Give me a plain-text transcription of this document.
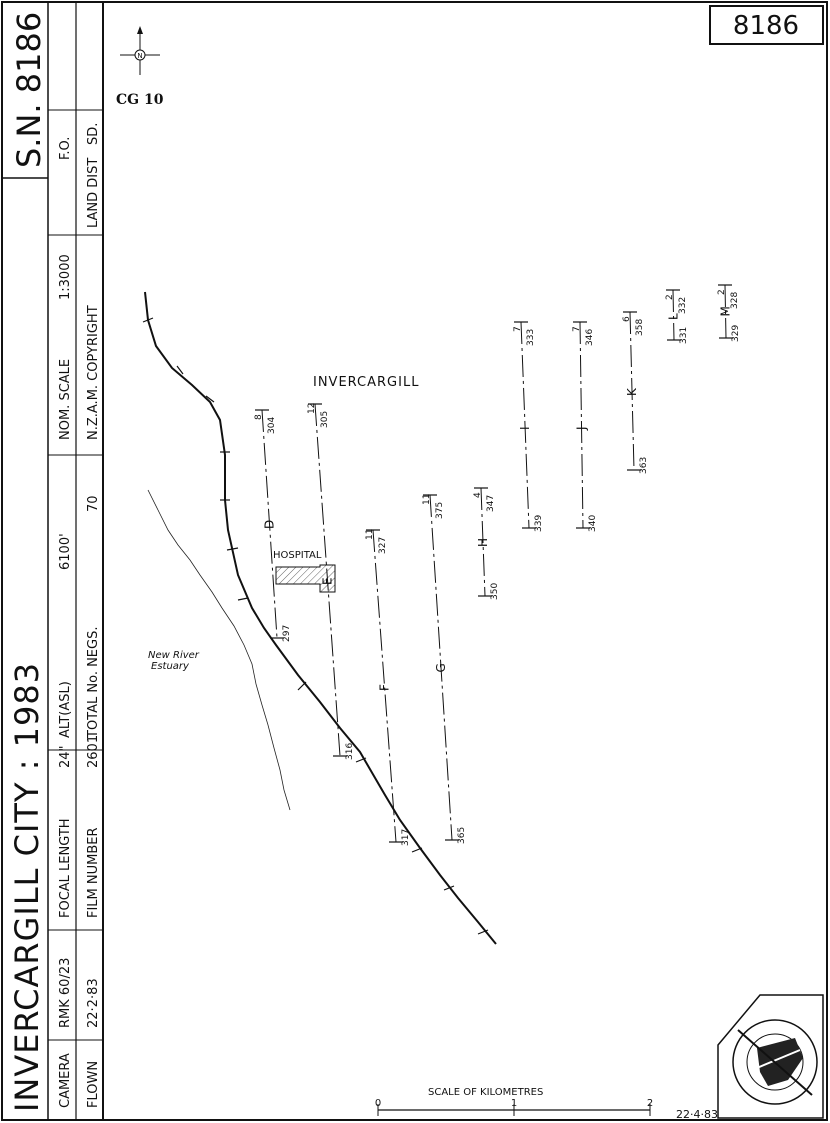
INVERCARGILL CITY : 1983
S.N. 8186
CAMERA
RMK 60/23
FOCAL LENGTH
24"
ALT(ASL)
6100'
NOM. SCALE
1:3000
F.O.
FLOWN
22·2·83
FILM NUMBER
2601
TOTAL No. NEGS.
70
N.Z.A.M. COPYRIGHT
LAND DIST
SD.
8186
N
CG 10
INVERCARGILL
HOSPITAL
New River
Estuary
D
304
8
297
E
305
12
316
F
327
11
317
G
375
11
365
H
347
4
350
I
333
7
339
J
346
7
340
K
358
6
363
L
332
2
331
M
328
2
329
SCALE OF KILOMETRES
0	1	2
22·4·83
